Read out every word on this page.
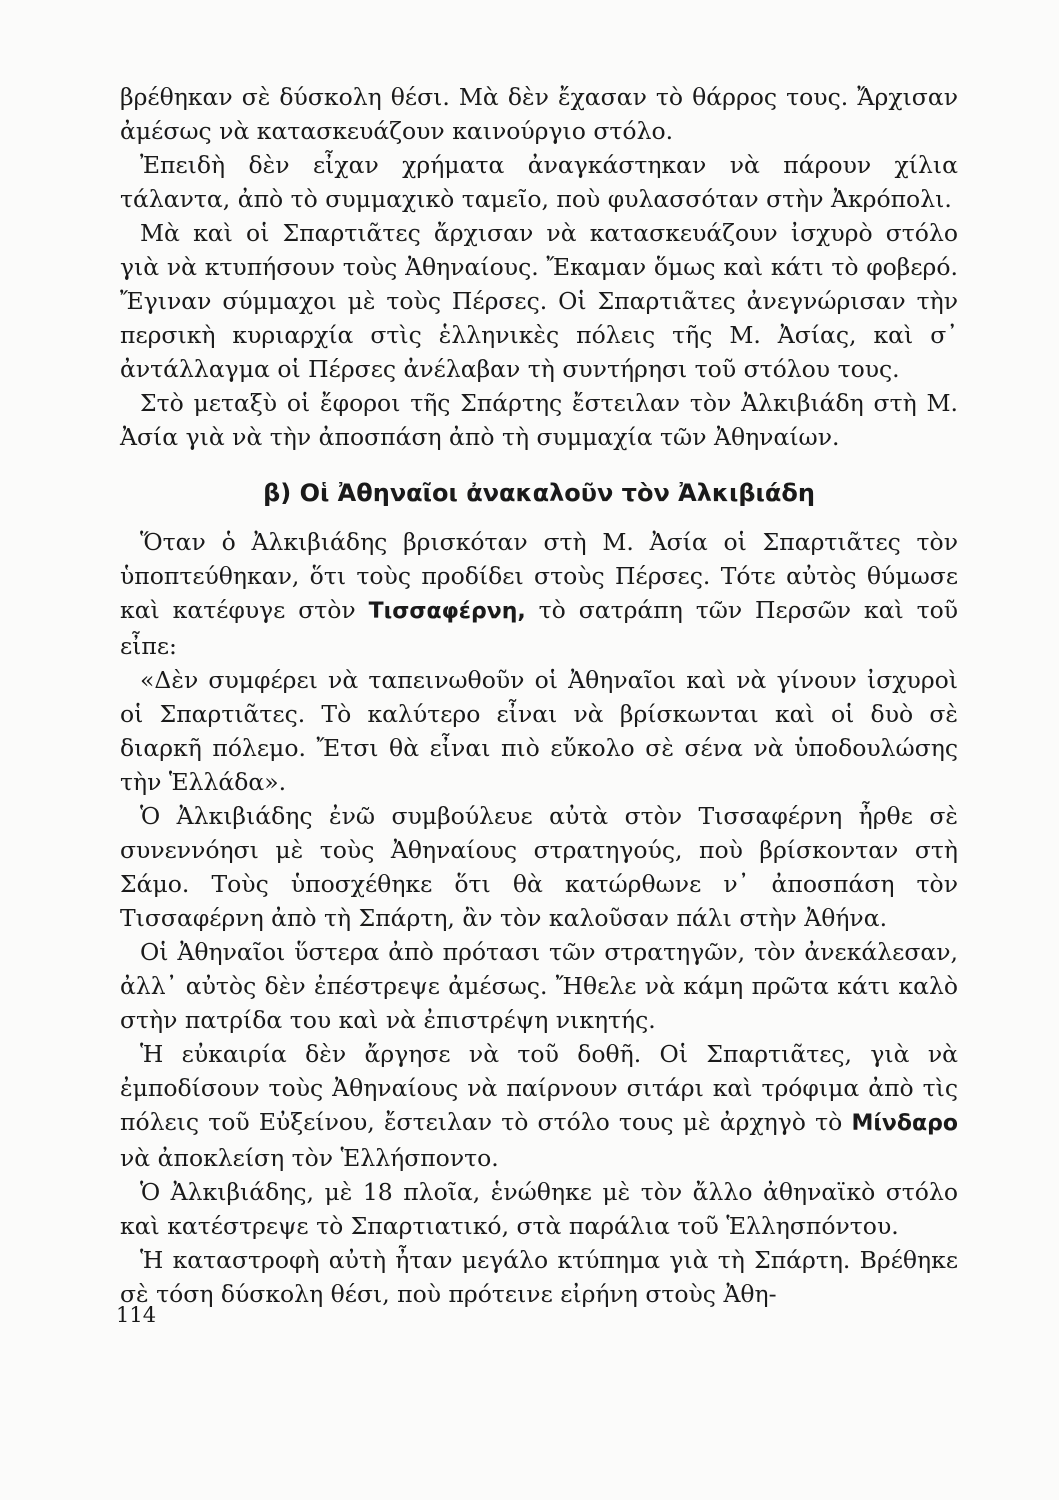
βρέθηκαν σὲ δύσκολη θέσι. Μὰ δὲν ἔχασαν τὸ θάρρος τους. Ἄρχισαν ἀμέσως νὰ κατασκευάζουν καινούργιο στόλο.

Ἐπειδὴ δὲν εἶχαν χρήματα ἀναγκάστηκαν νὰ πάρουν χίλια τάλαντα, ἀπὸ τὸ συμμαχικὸ ταμεῖο, ποὺ φυλασσόταν στὴν Ἀκρόπολι.

Μὰ καὶ οἱ Σπαρτιᾶτες ἄρχισαν νὰ κατασκευάζουν ἰσχυρὸ στόλο γιὰ νὰ κτυπήσουν τοὺς Ἀθηναίους. Ἔκαμαν ὅμως καὶ κάτι τὸ φοβερό. Ἔγιναν σύμμαχοι μὲ τοὺς Πέρσες. Οἱ Σπαρτιᾶτες ἀνεγνώρισαν τὴν περσικὴ κυριαρχία στὶς ἑλληνικὲς πόλεις τῆς Μ. Ἀσίας, καὶ σ᾽ ἀντάλλαγμα οἱ Πέρσες ἀνέλαβαν τὴ συντήρησι τοῦ στόλου τους.

Στὸ μεταξὺ οἱ ἔφοροι τῆς Σπάρτης ἔστειλαν τὸν Ἀλκιβιάδη στὴ Μ. Ἀσία γιὰ νὰ τὴν ἀποσπάση ἀπὸ τὴ συμμαχία τῶν Ἀθηναίων.

β) Οἱ Ἀθηναῖοι ἀνακαλοῦν τὸν Ἀλκιβιάδη

Ὅταν ὁ Ἀλκιβιάδης βρισκόταν στὴ Μ. Ἀσία οἱ Σπαρτιᾶτες τὸν ὑποπτεύθηκαν, ὅτι τοὺς προδίδει στοὺς Πέρσες. Τότε αὐτὸς θύμωσε καὶ κατέφυγε στὸν Τισσαφέρνη, τὸ σατράπη τῶν Περσῶν καὶ τοῦ εἶπε:

«Δὲν συμφέρει νὰ ταπεινωθοῦν οἱ Ἀθηναῖοι καὶ νὰ γίνουν ἰσχυροὶ οἱ Σπαρτιᾶτες. Τὸ καλύτερο εἶναι νὰ βρίσκωνται καὶ οἱ δυὸ σὲ διαρκῆ πόλεμο. Ἔτσι θὰ εἶναι πιὸ εὔκολο σὲ σένα νὰ ὑποδουλώσης τὴν Ἑλλάδα».

Ὁ Ἀλκιβιάδης ἐνῶ συμβούλευε αὐτὰ στὸν Τισσαφέρνη ἦρθε σὲ συνεννόησι μὲ τοὺς Ἀθηναίους στρατηγούς, ποὺ βρίσκονταν στὴ Σάμο. Τοὺς ὑποσχέθηκε ὅτι θὰ κατώρθωνε ν᾽ ἀποσπάση τὸν Τισσαφέρνη ἀπὸ τὴ Σπάρτη, ἂν τὸν καλοῦσαν πάλι στὴν Ἀθήνα.

Οἱ Ἀθηναῖοι ὕστερα ἀπὸ πρότασι τῶν στρατηγῶν, τὸν ἀνεκάλεσαν, ἀλλ᾽ αὐτὸς δὲν ἐπέστρεψε ἀμέσως. Ἤθελε νὰ κάμη πρῶτα κάτι καλὸ στὴν πατρίδα του καὶ νὰ ἐπιστρέψη νικητής.

Ἡ εὐκαιρία δὲν ἄργησε νὰ τοῦ δοθῆ. Οἱ Σπαρτιᾶτες, γιὰ νὰ ἐμποδίσουν τοὺς Ἀθηναίους νὰ παίρνουν σιτάρι καὶ τρόφιμα ἀπὸ τὶς πόλεις τοῦ Εὐξείνου, ἔστειλαν τὸ στόλο τους μὲ ἀρχηγὸ τὸ Μίνδαρο νὰ ἀποκλείση τὸν Ἑλλήσποντο.

Ὁ Ἀλκιβιάδης, μὲ 18 πλοῖα, ἑνώθηκε μὲ τὸν ἄλλο ἀθηναϊκὸ στόλο καὶ κατέστρεψε τὸ Σπαρτιατικό, στὰ παράλια τοῦ Ἑλλησπόντου.

Ἡ καταστροφὴ αὐτὴ ἦταν μεγάλο κτύπημα γιὰ τὴ Σπάρτη. Βρέθηκε σὲ τόση δύσκολη θέσι, ποὺ πρότεινε εἰρήνη στοὺς Ἀθη-

114
